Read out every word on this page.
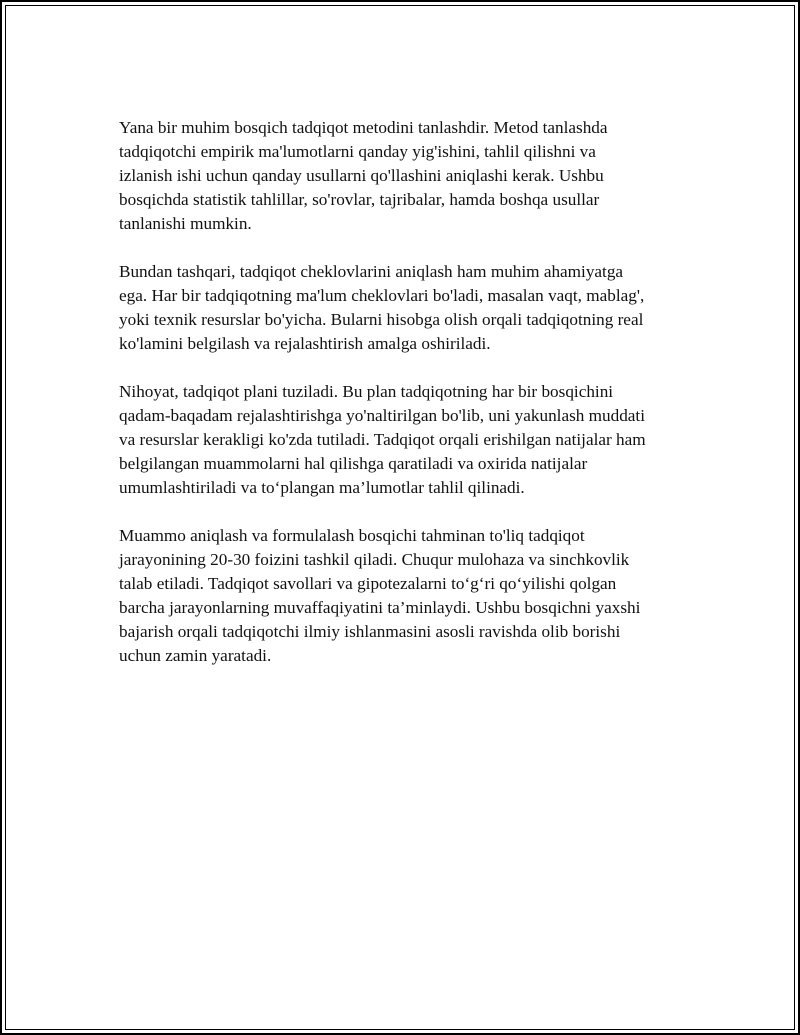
Yana bir muhim bosqich tadqiqot metodini tanlashdir. Metod tanlashda
tadqiqotchi empirik ma'lumotlarni qanday yig'ishini, tahlil qilishni va
izlanish ishi uchun qanday usullarni qo'llashini aniqlashi kerak. Ushbu
bosqichda statistik tahlillar, so'rovlar, tajribalar, hamda boshqa usullar
tanlanishi mumkin.

Bundan tashqari, tadqiqot cheklovlarini aniqlash ham muhim ahamiyatga
ega. Har bir tadqiqotning ma'lum cheklovlari bo'ladi, masalan vaqt, mablag',
yoki texnik resurslar bo'yicha. Bularni hisobga olish orqali tadqiqotning real
ko'lamini belgilash va rejalashtirish amalga oshiriladi.

Nihoyat, tadqiqot plani tuziladi. Bu plan tadqiqotning har bir bosqichini
qadam-baqadam rejalashtirishga yo'naltirilgan bo'lib, uni yakunlash muddati
va resurslar kerakligi ko'zda tutiladi. Tadqiqot orqali erishilgan natijalar ham
belgilangan muammolarni hal qilishga qaratiladi va oxirida natijalar
umumlashtiriladi va to‘plangan ma’lumotlar tahlil qilinadi.

Muammo aniqlash va formulalash bosqichi tahminan to'liq tadqiqot
jarayonining 20-30 foizini tashkil qiladi. Chuqur mulohaza va sinchkovlik
talab etiladi. Tadqiqot savollari va gipotezalarni to‘g‘ri qo‘yilishi qolgan
barcha jarayonlarning muvaffaqiyatini ta’minlaydi. Ushbu bosqichni yaxshi
bajarish orqali tadqiqotchi ilmiy ishlanmasini asosli ravishda olib borishi
uchun zamin yaratadi.
